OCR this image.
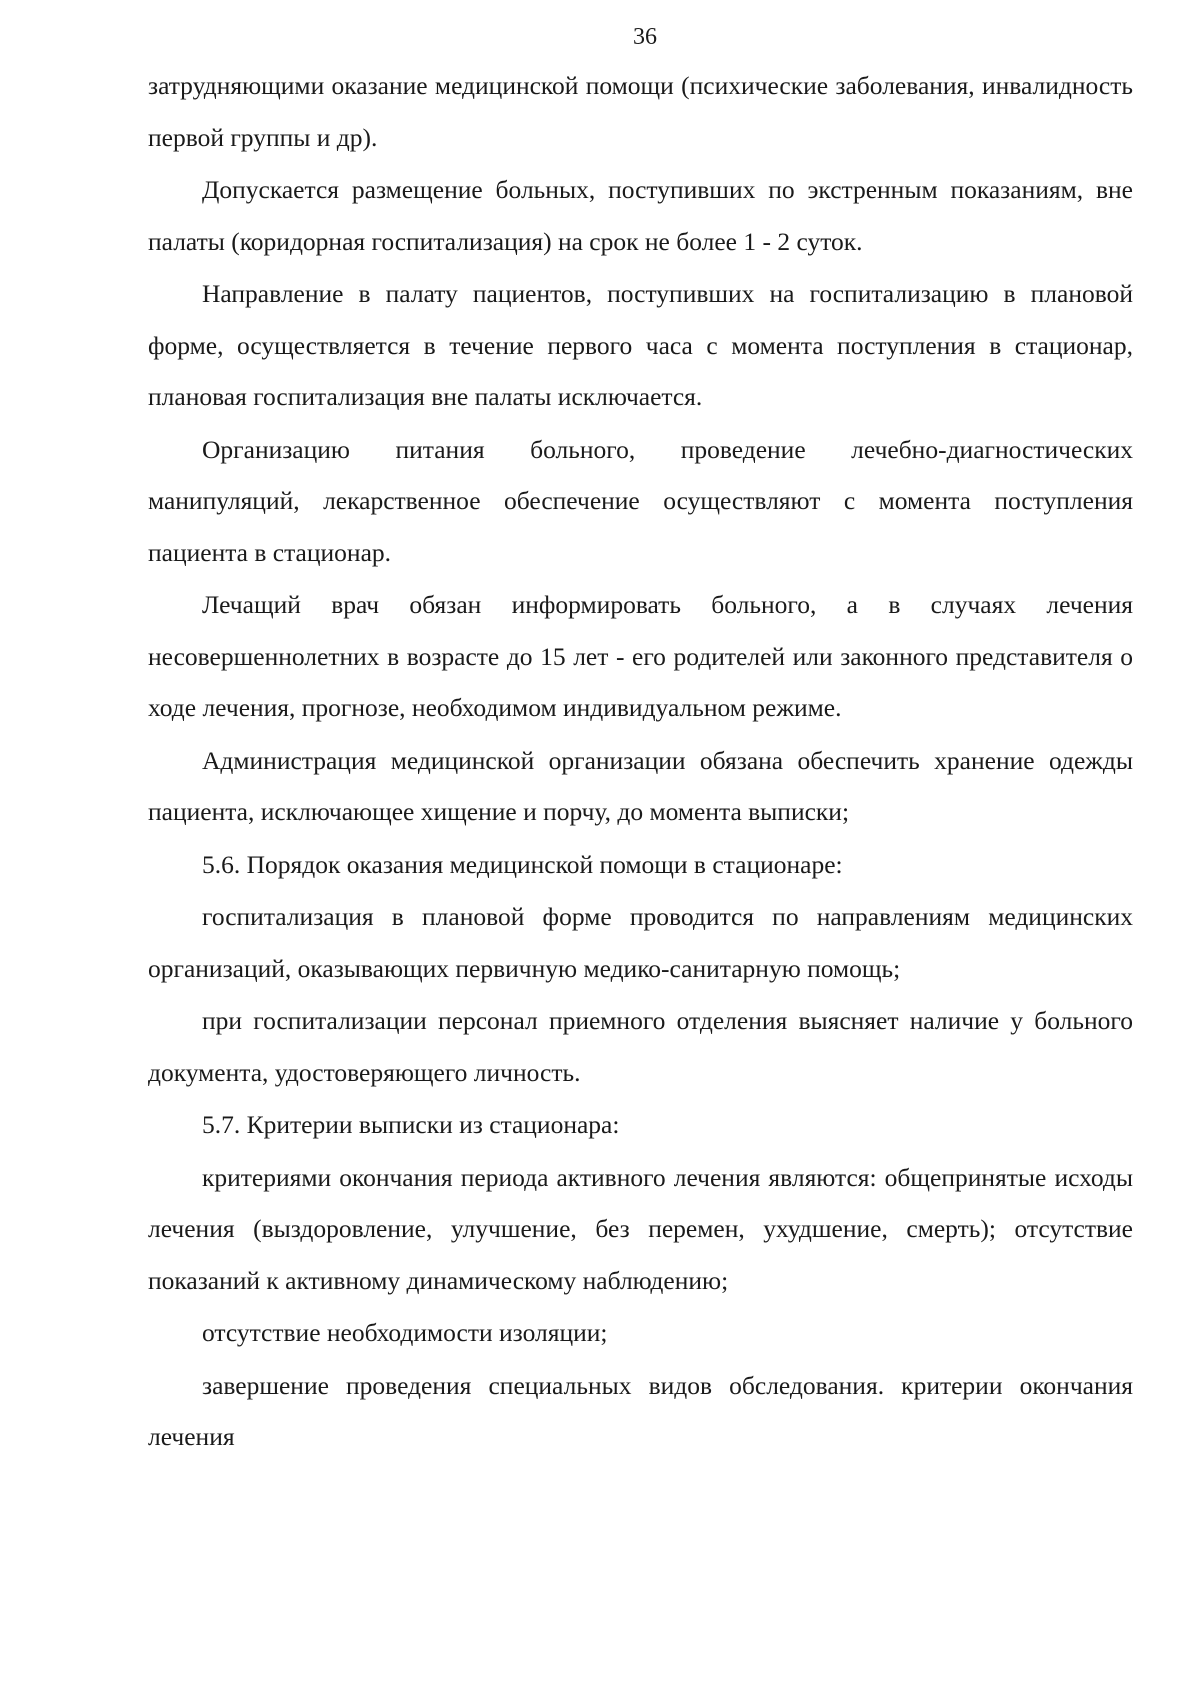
36

затрудняющими оказание медицинской помощи (психические заболевания, инвалидность первой группы и др).

Допускается размещение больных, поступивших по экстренным показаниям, вне палаты (коридорная госпитализация) на срок не более 1 - 2 суток.

Направление в палату пациентов, поступивших на госпитализацию в плановой форме, осуществляется в течение первого часа с момента поступления в стационар, плановая госпитализация вне палаты исключается.

Организацию питания больного, проведение лечебно-диагностических манипуляций, лекарственное обеспечение осуществляют с момента поступления пациента в стационар.

Лечащий врач обязан информировать больного, а в случаях лечения несовершеннолетних в возрасте до 15 лет - его родителей или законного представителя о ходе лечения, прогнозе, необходимом индивидуальном режиме.

Администрация медицинской организации обязана обеспечить хранение одежды пациента, исключающее хищение и порчу, до момента выписки;

5.6. Порядок оказания медицинской помощи в стационаре:

госпитализация в плановой форме проводится по направлениям медицинских организаций, оказывающих первичную медико-санитарную помощь;

при госпитализации персонал приемного отделения выясняет наличие у больного документа, удостоверяющего личность.

5.7. Критерии выписки из стационара:

критериями окончания периода активного лечения являются: общепринятые исходы лечения (выздоровление, улучшение, без перемен, ухудшение, смерть); отсутствие показаний к активному динамическому наблюдению;

отсутствие необходимости изоляции;

завершение проведения специальных видов обследования. критерии окончания лечения
